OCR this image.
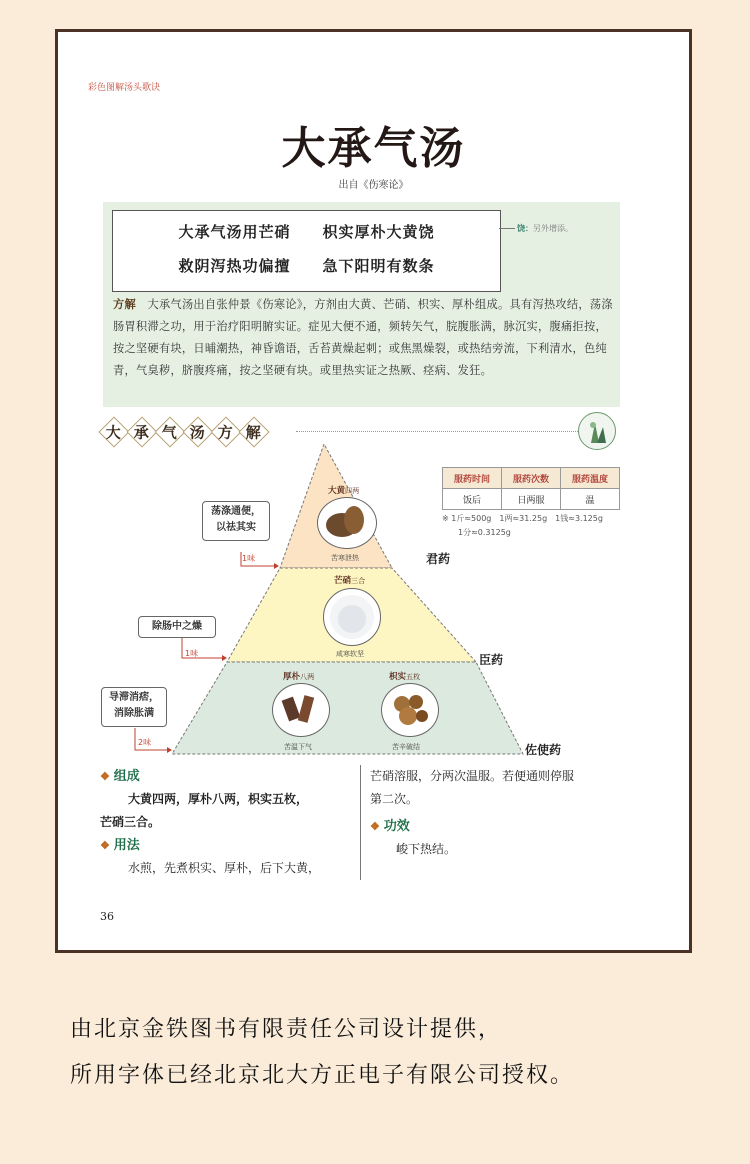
彩色图解汤头歌诀
大承气汤
出自《伤寒论》
大承气汤用芒硝　　枳实厚朴大黄饶
救阴泻热功偏擅　　急下阳明有数条
饶：另外增添。
方解　 大承气汤出自张仲景《伤寒论》，方剂由大黄、芒硝、枳实、厚朴组成。具有泻热攻结，荡涤肠胃积滞之功，用于治疗阳明腑实证。症见大便不通，频转矢气，脘腹胀满，脉沉实，腹痛拒按，按之坚硬有块，日晡潮热，神昏谵语，舌苔黄燥起刺；或焦黑燥裂，或热结旁流，下利清水，色纯青，气臭秽，脐腹疼痛，按之坚硬有块。或里热实证之热厥、痉病、发狂。
大 承 气 汤 方 解
服药时间	服药次数	服药温度
饭后	日两服	温
※ 1斤≈500g　1两≈31.25g　1钱≈3.125g
1分≈0.3125g
大黄四两
苦寒泄热	君药
芒硝三合
咸寒软坚	臣药
厚朴八两
苦温下气
枳实五枚
苦辛破结	佐使药
荡涤通便，
以祛其实
1味
除肠中之燥
1味
导滞消痞，
消除胀满
2味
❖ 组成
大黄四两，厚朴八两，枳实五枚，
芒硝三合。
❖ 用法
水煎，先煮枳实、厚朴，后下大黄，
芒硝溶服，分两次温服。若便通则停服
第二次。
❖ 功效
峻下热结。
36
由北京金铁图书有限责任公司设计提供，
所用字体已经北京北大方正电子有限公司授权。
